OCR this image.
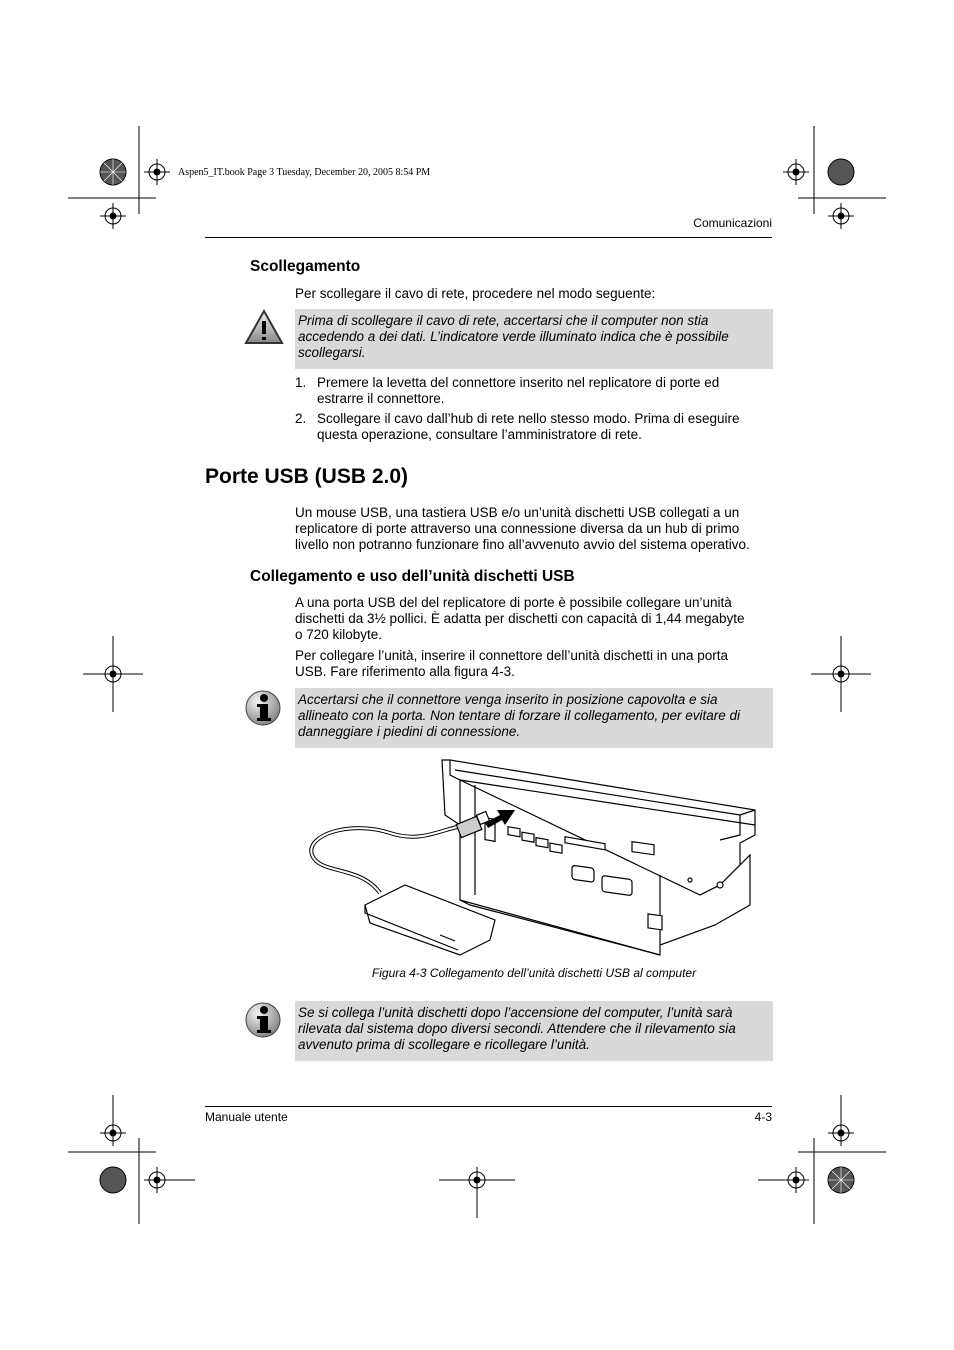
Aspen5_IT.book Page 3 Tuesday, December 20, 2005 8:54 PM
Comunicazioni
Scollegamento
Per scollegare il cavo di rete, procedere nel modo seguente:
Prima di scollegare il cavo di rete, accertarsi che il computer non stia
accedendo a dei dati. L’indicatore verde illuminato indica che è possibile
scollegarsi.
1. Premere la levetta del connettore inserito nel replicatore di porte ed
estrarre il connettore.
2. Scollegare il cavo dall’hub di rete nello stesso modo. Prima di eseguire
questa operazione, consultare l’amministratore di rete.
Porte USB (USB 2.0)
Un mouse USB, una tastiera USB e/o un’unità dischetti USB collegati a un
replicatore di porte attraverso una connessione diversa da un hub di primo
livello non potranno funzionare fino all’avvenuto avvio del sistema operativo.
Collegamento e uso dell’unità dischetti USB
A una porta USB del del replicatore di porte è possibile collegare un’unità
dischetti da 3½ pollici. È adatta per dischetti con capacità di 1,44 megabyte
o 720 kilobyte.
Per collegare l’unità, inserire il connettore dell’unità dischetti in una porta
USB. Fare riferimento alla figura 4-3.
Accertarsi che il connettore venga inserito in posizione capovolta e sia
allineato con la porta. Non tentare di forzare il collegamento, per evitare di
danneggiare i piedini di connessione.
Figura 4-3 Collegamento dell’unità dischetti USB al computer
Se si collega l’unità dischetti dopo l’accensione del computer, l’unità sarà
rilevata dal sistema dopo diversi secondi. Attendere che il rilevamento sia
avvenuto prima di scollegare e ricollegare l’unità.
Manuale utente	4-3
